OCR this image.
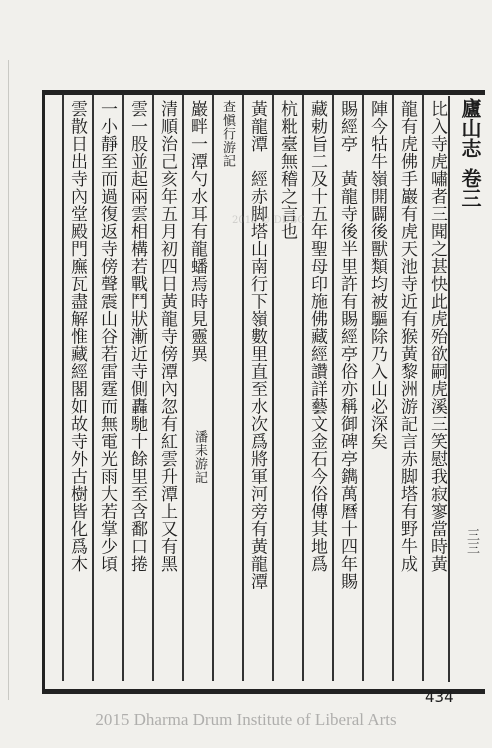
廬山志卷三
三三
比入寺虎嘯者三聞之甚快此虎殆欲嗣虎溪三笑慰我寂寥當時黃
龍有虎佛手巖有虎天池寺近有猴黃黎洲游記言赤脚塔有野牛成
陣今牯牛嶺開闢後獸類均被驅除乃入山必深矣
賜經亭　黃龍寺後半里許有賜經亭俗亦稱御碑亭鐫萬曆十四年賜
藏勅旨二及十五年聖母印施佛藏經讚詳藝文金石今俗傳其地爲
杭粃臺無稽之言也
黃龍潭　經赤脚塔山南行下嶺數里直至水次爲將軍河旁有黃龍潭
查愼行游記
巖畔一潭勺水耳有龍蟠焉時見靈異
潘耒游記
清順治己亥年五月初四日黃龍寺傍潭內忽有紅雲升潭上又有黑
雲一股並起兩雲相構若戰鬥狀漸近寺側轟馳十餘里至含鄱口捲
一小靜至而過復返寺傍聲震山谷若雷霆而無電光雨大若掌少頃
雲散日出寺內堂殿門廡瓦盡解惟藏經閣如故寺外古樹皆化爲木	2015 © DDBC
434
2015 Dharma Drum Institute of Liberal Arts
